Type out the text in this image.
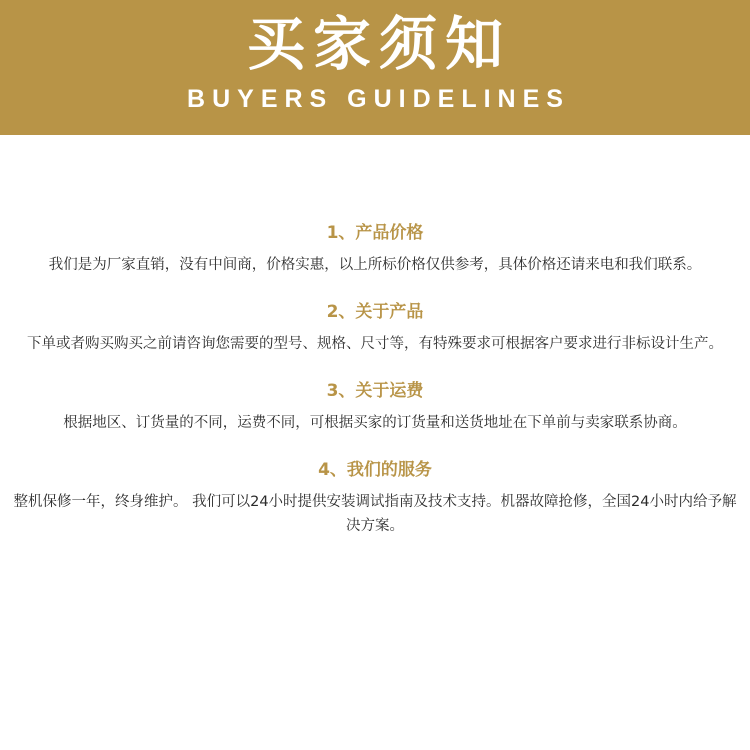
买家须知
BUYERS GUIDELINES
1、产品价格
我们是为厂家直销，没有中间商，价格实惠，以上所标价格仅供参考，具体价格还请来电和我们联系。
2、关于产品
下单或者购买购买之前请咨询您需要的型号、规格、尺寸等，有特殊要求可根据客户要求进行非标设计生产。
3、关于运费
根据地区、订货量的不同，运费不同，可根据买家的订货量和送货地址在下单前与卖家联系协商。
4、我们的服务
整机保修一年，终身维护。 我们可以24小时提供安装调试指南及技术支持。机器故障抢修，全国24小时内给予解决方案。
